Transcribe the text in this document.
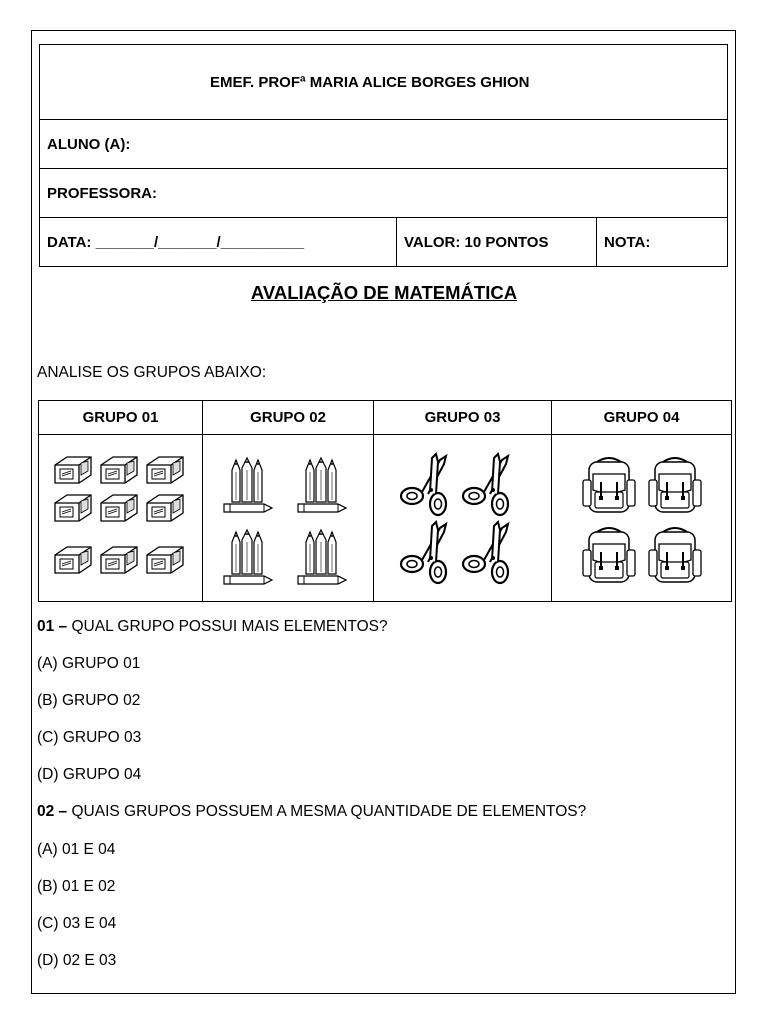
EMEF. PROFª MARIA ALICE BORGES GHION
ALUNO (A):
PROFESSORA:
DATA: _______/_______/__________	VALOR: 10 PONTOS	NOTA:
AVALIAÇÃO DE MATEMÁTICA
ANALISE OS GRUPOS ABAIXO:
GRUPO 01	GRUPO 02	GRUPO 03	GRUPO 04

01 – QUAL GRUPO POSSUI MAIS ELEMENTOS?
(A) GRUPO 01
(B) GRUPO 02
(C) GRUPO 03
(D) GRUPO 04
02 – QUAIS GRUPOS POSSUEM A MESMA QUANTIDADE DE ELEMENTOS?
(A) 01 E 04
(B) 01 E 02
(C) 03 E 04
(D) 02 E 03
